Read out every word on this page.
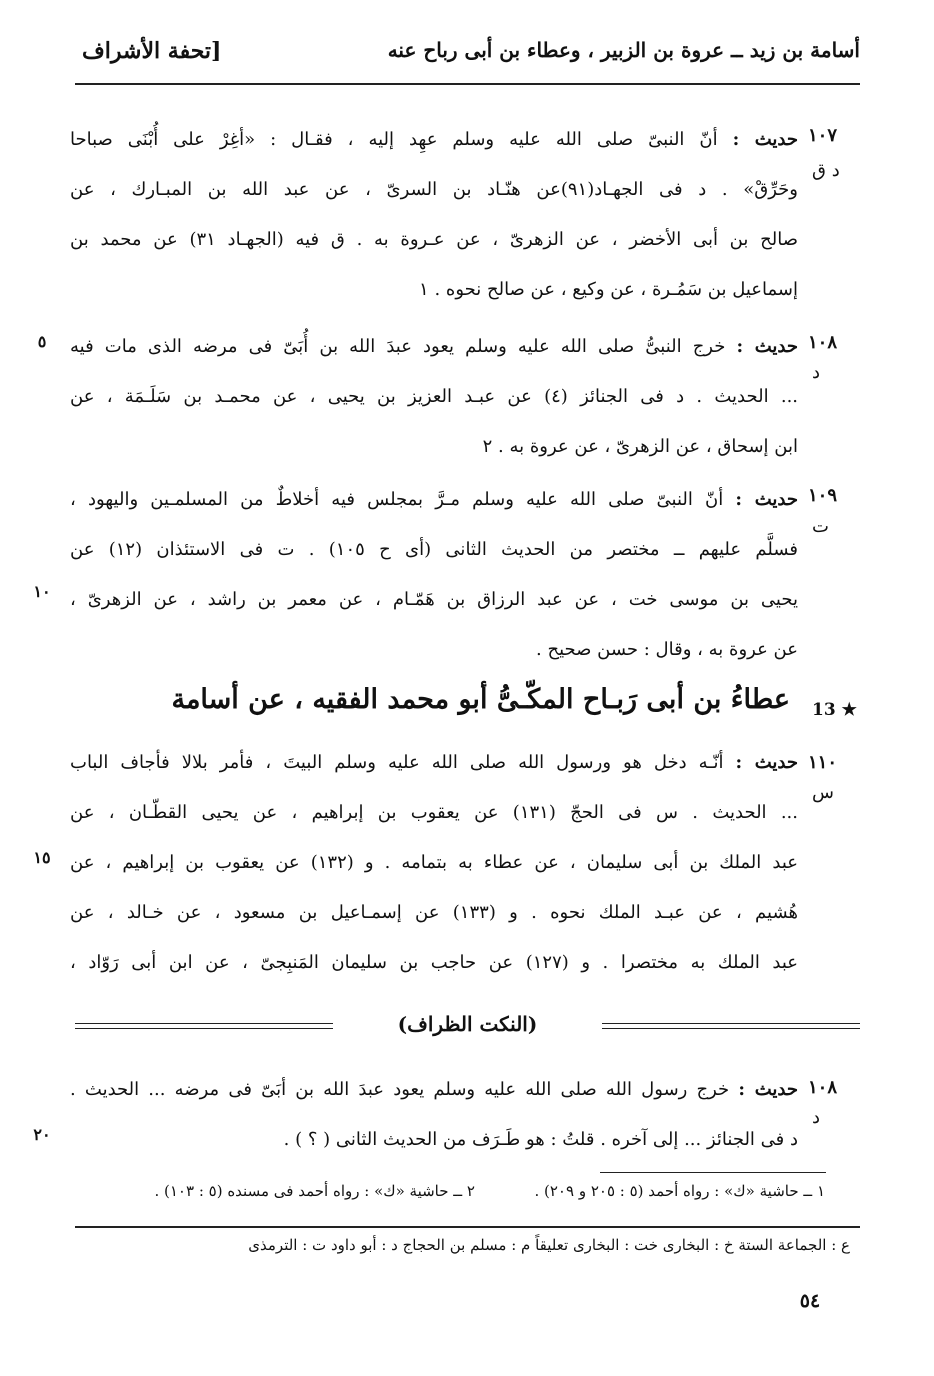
أسامة بن زيد ــ عروة بن الزبير ، وعطاء بن أبى رباح عنه
[تحفة الأشراف
١٠٧
د ق
حديث : أنّ النبىّ صلى الله عليه وسلم عهِد إليه ، فقـال : «أغِرْ على أُبْنَى صباحا
وحَرِّقْ» . د فى الجهـاد(٩١)عن هنّـاد بن السرىّ ، عن عبد الله بن المبـارك ، عن
صالح بن أبى الأخضر ، عن الزهرىّ ، عن عـروة به . ق فيه (الجهـاد ٣١) عن محمد بن
إسماعيل بن سَمُـرة ، عن وكيع ، عن صالح نحوه . ١
١٠٨
د
٥	حديث : خرج النبىُّ صلى الله عليه وسلم يعود عبدَ الله بن أُبَىّ فى مرضه الذى مات فيه
... الحديث . د فى الجنائز (٤) عن عبـد العزيز بن يحيى ، عن محمـد بن سَلَـمَة ، عن
ابن إسحاق ، عن الزهرىّ ، عن عروة به . ٢
١٠٩
ت
١٠
حديث : أنّ النبىّ صلى الله عليه وسلم مـرَّ بمجلس فيه أخلاطٌ من المسلمـين واليهود ،
فسلَّم عليهم ــ مختصر من الحديث الثانى (أى ح ١٠٥) . ت فى الاستئذان (١٢) عن
يحيى بن موسى خت ، عن عبد الرزاق بن هَمّـام ، عن معمر بن راشد ، عن الزهرىّ ،
عن عروة به ، وقال : حسن صحيح .
13 ★
عطاءُ بن أبى رَبـاح المكّـىُّ أبو محمد الفقيه ، عن أسامة
١١٠
س
١٥
حديث : أنّـه دخل هو ورسول الله صلى الله عليه وسلم البيتَ ، فأمر بلالا فأجاف الباب
... الحديث . س فى الحجّ (١٣١) عن يعقوب بن إبراهيم ، عن يحيى القطّـان ، عن
عبد الملك بن أبى سليمان ، عن عطاء به بتمامه . و (١٣٢) عن يعقوب بن إبراهيم ، عن
هُشيم ، عن عبـد الملك نحوه . و (١٣٣) عن إسمـاعيل بن مسعود ، عن خـالد ، عن
عبد الملك به مختصرا . و (١٢٧) عن حاجب بن سليمان المَنبِجىّ ، عن ابن أبى رَوّاد ،
(النكت الظراف)
١٠٨
د
٢٠
حديث : خرج رسول الله صلى الله عليه وسلم يعود عبدَ الله بن أبَىّ فى مرضه ... الحديث .
د فى الجنائز ... إلى آخره . قلتُ : هو طَـرَف من الحديث الثانى ( ؟ ) .
١ ــ حاشية «ك» : رواه أحمد (٥ : ٢٠٥ و ٢٠٩) .  ٢ ــ حاشية «ك» : رواه أحمد فى مسنده (٥ : ١٠٣) .
ع : الجماعة الستة خ : البخارى خت : البخارى تعليقاً م : مسلم بن الحجاج د : أبو داود ت : الترمذى
٥٤
